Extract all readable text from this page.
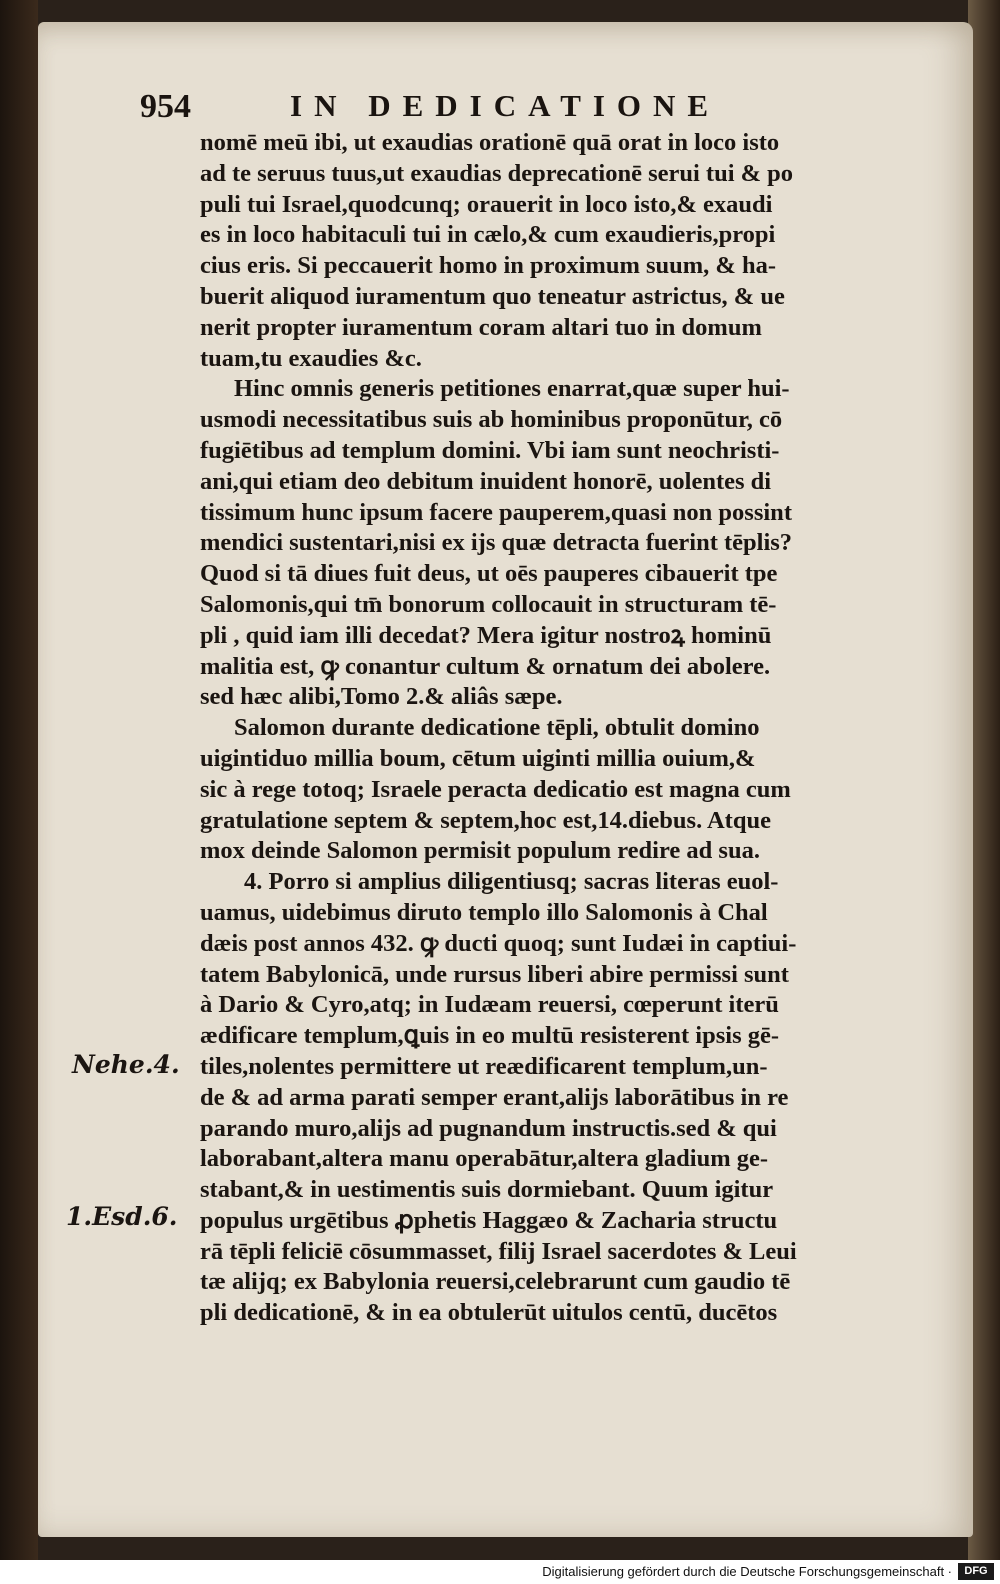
954	IN DEDICATIONE
nomē meū ibi, ut exaudias orationē quā orat in loco isto
ad te seruus tuus,ut exaudias deprecationē serui tui & po
puli tui Israel,quodcunq; orauerit in loco isto,& exaudi
es in loco habitaculi tui in cælo,& cum exaudieris,propi
cius eris. Si peccauerit homo in proximum suum, & ha-
buerit aliquod iuramentum quo teneatur astrictus, & ue
nerit propter iuramentum coram altari tuo in domum
tuam,tu exaudies &c.
Hinc omnis generis petitiones enarrat,quæ super hui-
usmodi necessitatibus suis ab hominibus proponūtur, cō
fugiētibus ad templum domini. Vbi iam sunt neochristi-
ani,qui etiam deo debitum inuident honorē, uolentes di
tissimum hunc ipsum facere pauperem,quasi non possint
mendici sustentari,nisi ex ijs quæ detracta fuerint tēplis?
Quod si tā diues fuit deus, ut oēs pauperes cibauerit tpe
Salomonis,qui tm̄ bonorum collocauit in structuram tē-
pli , quid iam illi decedat? Mera igitur nostroꝝ hominū
malitia est, ꝙ conantur cultum & ornatum dei abolere.
sed hæc alibi,Tomo 2.& aliâs sæpe.
Salomon durante dedicatione tēpli, obtulit domino
uigintiduo millia boum, cētum uiginti millia ouium,&
sic à rege totoq; Israele peracta dedicatio est magna cum
gratulatione septem & septem,hoc est,14.diebus. Atque
mox deinde Salomon permisit populum redire ad sua.
4. Porro si amplius diligentiusq; sacras literas euol-
uamus, uidebimus diruto templo illo Salomonis à Chal
dæis post annos 432. ꝙ ducti quoq; sunt Iudæi in captiui-
tatem Babylonicā, unde rursus liberi abire permissi sunt
à Dario & Cyro,atq; in Iudæam reuersi, cœperunt iterū
ædificare templum,ꝗuis in eo multū resisterent ipsis gē-
tiles,nolentes permittere ut reædificarent templum,un-
de & ad arma parati semper erant,alijs laborātibus in re
parando muro,alijs ad pugnandum instructis.sed & qui
laborabant,altera manu operabātur,altera gladium ge-
stabant,& in uestimentis suis dormiebant. Quum igitur
populus urgētibus ꝓphetis Haggæo & Zacharia structu
rā tēpli feliciē cōsummasset, filij Israel sacerdotes & Leui
tæ alijq; ex Babylonia reuersi,celebrarunt cum gaudio tē
pli dedicationē, & in ea obtulerūt uitulos centū, ducētos
Nehe.4.
1.Esd.6.
Digitalisierung gefördert durch die Deutsche Forschungsgemeinschaft ·	DFG
